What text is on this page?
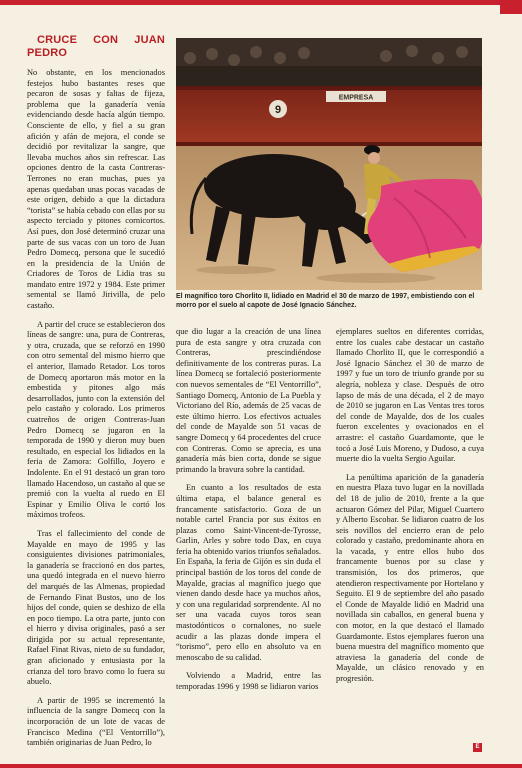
CRUCE CON JUAN PEDRO

No obstante, en los mencionados festejos hubo bastantes reses que pecaron de sosas y faltas de fijeza, problema que la ganadería venía evidenciando desde hacía algún tiempo. Consciente de ello, y fiel a su gran afición y afán de mejora, el conde se decidió por revitalizar la sangre, que llevaba muchos años sin refrescar. Las opciones dentro de la casta Contreras-Terrones no eran muchas, pues ya apenas quedaban unas pocas vacadas de este origen, debido a que la dictadura “torista” se había cebado con ellas por su aspecto terciado y pitones cornicortos. Así pues, don José determinó cruzar una parte de sus vacas con un toro de Juan Pedro Domecq, persona que le sucedió en la presidencia de la Unión de Criadores de Toros de Lidia tras su mandato entre 1972 y 1984. Este primer semental se llamó Jirivilla, de pelo castaño.

A partir del cruce se establecieron dos líneas de sangre: una, pura de Contreras, y otra, cruzada, que se reforzó en 1990 con otro semental del mismo hierro que el anterior, llamado Retador. Los toros de Domecq aportaron más motor en la embestida y pitones algo más desarrollados, junto con la extensión del pelo castaño y colorado. Los primeros cuatreños de origen Contreras-Juan Pedro Domecq se jugaron en la temporada de 1990 y dieron muy buen resultado, en especial los lidiados en la feria de Zamora: Golfillo, Joyero e Indolente. En el 91 destacó un gran toro llamado Hacendoso, un castaño al que se premió con la vuelta al ruedo en El Espinar y Emilio Oliva le cortó los máximos trofeos.

Tras el fallecimiento del conde de Mayalde en mayo de 1995 y las consiguientes divisiones patrimoniales, la ganadería se fraccionó en dos partes, una quedó integrada en el nuevo hierro del marqués de las Almenas, propiedad de Fernando Finat Bustos, uno de los hijos del conde, quien se deshizo de ella en poco tiempo. La otra parte, junto con el hierro y divisa originales, pasó a ser dirigida por su actual representante, Rafael Finat Rivas, nieto de su fundador, gran aficionado y entusiasta por la crianza del toro bravo como lo fuera su abuelo.

A partir de 1995 se incrementó la influencia de la sangre Domecq con la incorporación de un lote de vacas de Francisco Medina (“El Ventorrillo”), también originarias de Juan Pedro, lo

EMPRESA
9
El magnífico toro Chorlito II, lidiado en Madrid el 30 de marzo de 1997, embistiendo con el morro por el suelo al capote de José Ignacio Sánchez.

que dio lugar a la creación de una línea pura de esta sangre y otra cruzada con Contreras, prescindiéndose definitivamente de los contreras puras. La línea Domecq se fortaleció posteriormente con nuevos sementales de “El Ventorrillo”, Santiago Domecq, Antonio de La Puebla y Victoriano del Río, además de 25 vacas de este último hierro. Los efectivos actuales del conde de Mayalde son 51 vacas de sangre Domecq y 64 procedentes del cruce con Contreras. Como se aprecia, es una ganadería más bien corta, donde se sigue primando la bravura sobre la cantidad.

En cuanto a los resultados de esta última etapa, el balance general es francamente satisfactorio. Goza de un notable cartel Francia por sus éxitos en plazas como Saint-Vincent-de-Tyrosse, Garlin, Arles y sobre todo Dax, en cuya feria ha obtenido varios triunfos señalados. En España, la feria de Gijón es sin duda el principal bastión de los toros del conde de Mayalde, gracias al magnífico juego que vienen dando desde hace ya muchos años, y con una regularidad sorprendente. Al no ser una vacada cuyos toros sean mastodónticos o cornalones, no suele acudir a las plazas donde impera el “torismo”, pero ello en absoluto va en menoscabo de su calidad.

Volviendo a Madrid, entre las temporadas 1996 y 1998 se lidiaron varios

ejemplares sueltos en diferentes corridas, entre los cuales cabe destacar un castaño llamado Chorlito II, que le correspondió a José Ignacio Sánchez el 30 de marzo de 1997 y fue un toro de triunfo grande por su alegría, nobleza y clase. Después de otro lapso de más de una década, el 2 de mayo de 2010 se jugaron en Las Ventas tres toros del conde de Mayalde, dos de los cuales fueron excelentes y ovacionados en el arrastre: el castaño Guardamonte, que le tocó a José Luis Moreno, y Dudoso, a cuya muerte dio la vuelta Sergio Aguilar.

La penúltima aparición de la ganadería en nuestra Plaza tuvo lugar en la novillada del 18 de julio de 2010, frente a la que actuaron Gómez del Pilar, Miguel Cuartero y Alberto Escobar. Se lidiaron cuatro de los seis novillos del encierro eran de pelo colorado y castaño, predominante ahora en la vacada, y entre ellos hubo dos francamente buenos por su clase y transmisión, los dos primeros, que atendieron respectivamente por Hortelano y Seguito. El 9 de septiembre del año pasado el Conde de Mayalde lidió en Madrid una novillada sin caballos, en general buena y con motor, en la que destacó el llamado Guardamonte. Estos ejemplares fueron una buena muestra del magnífico momento que atraviesa la ganadería del conde de Mayalde, un clásico renovado y en progresión.

E
